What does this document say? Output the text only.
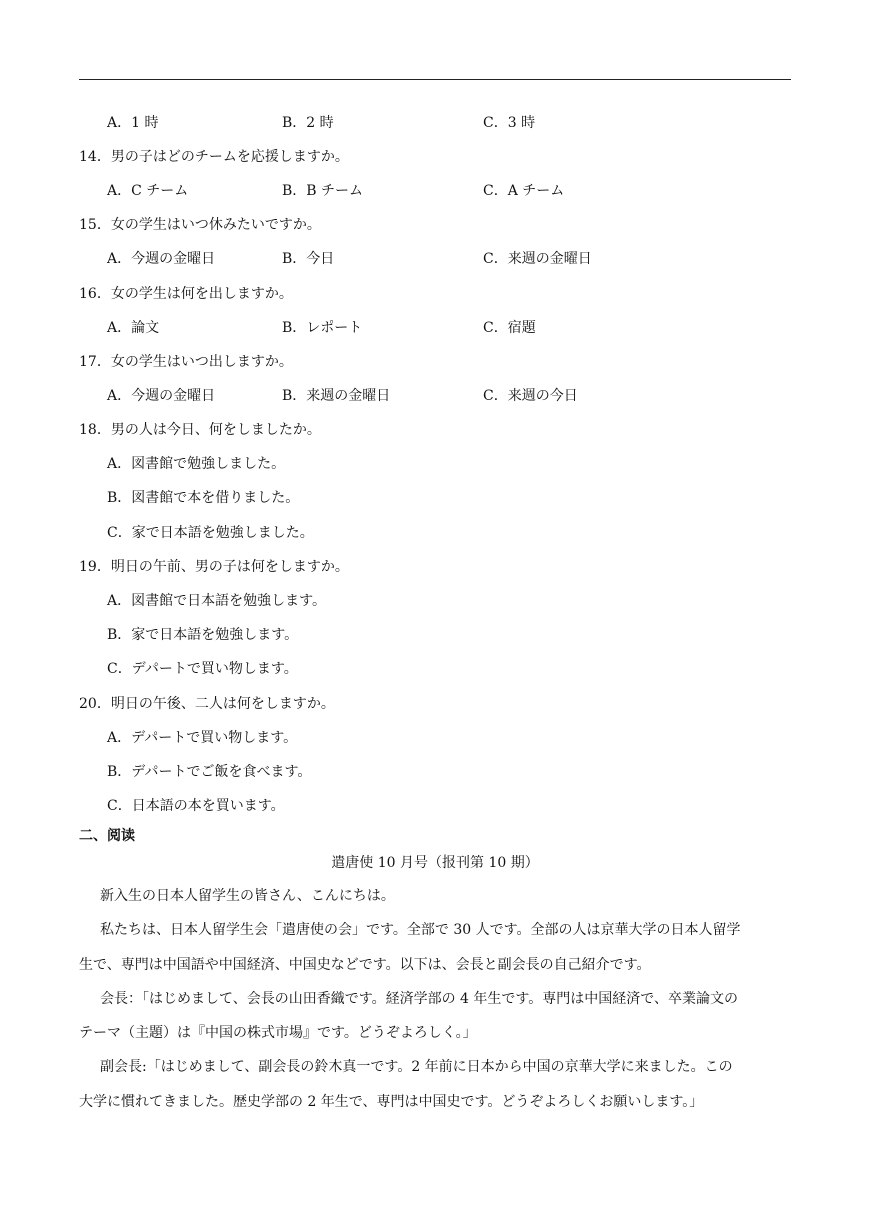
A．1 時	B．2 時	C．3 時
14．男の子はどのチームを応援しますか。
A．C チーム	B．B チーム	C．A チーム
15．女の学生はいつ休みたいですか。
A．今週の金曜日	B．今日	C．来週の金曜日
16．女の学生は何を出しますか。
A．論文	B．レポート	C．宿題
17．女の学生はいつ出しますか。
A．今週の金曜日	B．来週の金曜日	C．来週の今日
18．男の人は今日、何をしましたか。
A．図書館で勉強しました。
B．図書館で本を借りました。
C．家で日本語を勉強しました。
19．明日の午前、男の子は何をしますか。
A．図書館で日本語を勉強します。
B．家で日本語を勉強します。
C．デパートで買い物します。
20．明日の午後、二人は何をしますか。
A．デパートで買い物します。
B．デパートでご飯を食べます。
C．日本語の本を買います。
二、阅读
遣唐使 10 月号（报刊第 10 期）
新入生の日本人留学生の皆さん、こんにちは。
私たちは、日本人留学生会「遣唐使の会」です。全部で 30 人です。全部の人は京華大学の日本人留学
生で、専門は中国語や中国経済、中国史などです。以下は、会長と副会長の自己紹介です。
会長：「はじめまして、会長の山田香織です。経済学部の 4 年生です。専門は中国経済で、卒業論文の
テーマ（主題）は『中国の株式市場』です。どうぞよろしく。」
副会長:「はじめまして、副会長の鈴木真一です。2 年前に日本から中国の京華大学に来ました。この
大学に慣れてきました。歴史学部の 2 年生で、専門は中国史です。どうぞよろしくお願いします。」
